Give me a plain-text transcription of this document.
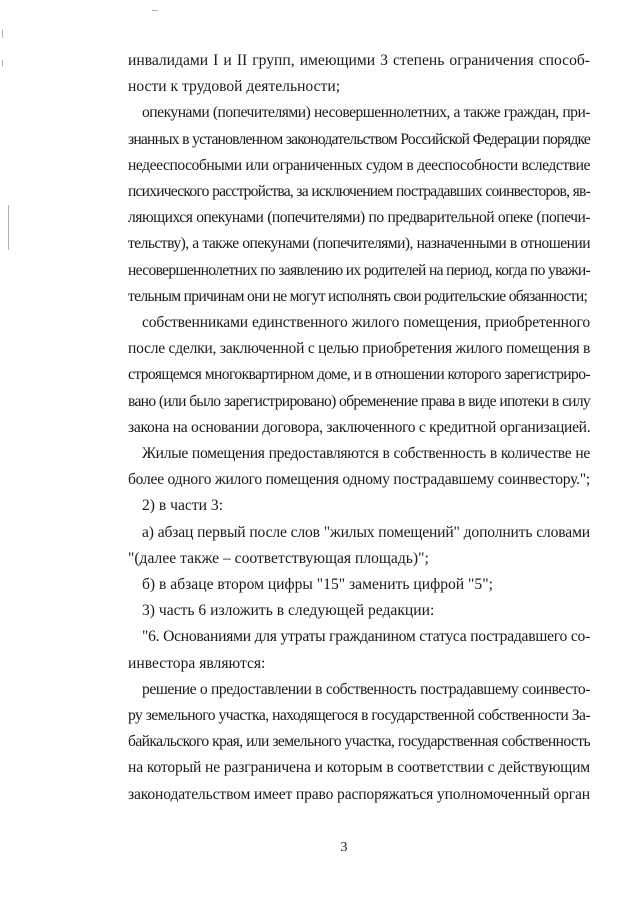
инвалидами I и II групп, имеющими 3 степень ограничения способ-
ности к трудовой деятельности;
опекунами (попечителями) несовершеннолетних, а также граждан, при-
знанных в установленном законодательством Российской Федерации порядке
недееспособными или ограниченных судом в дееспособности вследствие
психического расстройства, за исключением пострадавших соинвесторов, яв-
ляющихся опекунами (попечителями) по предварительной опеке (попечи-
тельству), а также опекунами (попечителями), назначенными в отношении
несовершеннолетних по заявлению их родителей на период, когда по уважи-
тельным причинам они не могут исполнять свои родительские обязанности;
собственниками единственного жилого помещения, приобретенного
после сделки, заключенной с целью приобретения жилого помещения в
строящемся многоквартирном доме, и в отношении которого зарегистриро-
вано (или было зарегистрировано) обременение права в виде ипотеки в силу
закона на основании договора, заключенного с кредитной организацией.
Жилые помещения предоставляются в собственность в количестве не
более одного жилого помещения одному пострадавшему соинвестору.";
2) в части 3:
а) абзац первый после слов "жилых помещений" дополнить словами
"(далее также – соответствующая площадь)";
б) в абзаце втором цифры "15" заменить цифрой "5";
3) часть 6 изложить в следующей редакции:
"6. Основаниями для утраты гражданином статуса пострадавшего со-
инвестора являются:
решение о предоставлении в собственность пострадавшему соинвесто-
ру земельного участка, находящегося в государственной собственности За-
байкальского края, или земельного участка, государственная собственность
на который не разграничена и которым в соответствии с действующим
законодательством имеет право распоряжаться уполномоченный орган
3
